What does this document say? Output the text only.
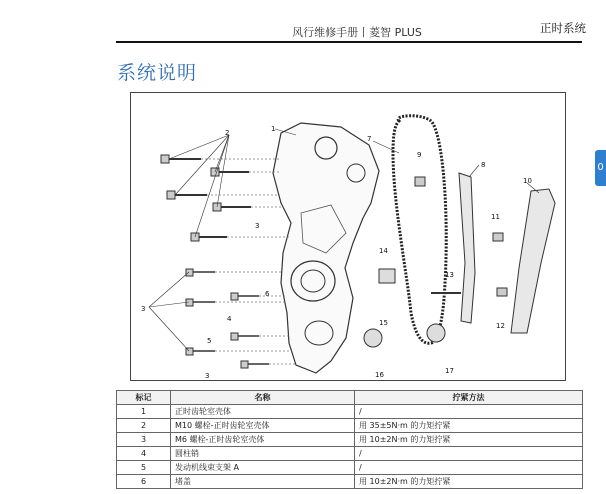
风行维修手册丨菱智 PLUS	正时系统
系统说明
0
1
2
3
3
3
4
5
6
7
8
9
10
11
12
13
14
15
16	17
标记	名称	拧紧方法
1	正时齿轮室壳体	/
2	M10 螺栓-正时齿轮室壳体	用 35±5N·m 的力矩拧紧
3	M6 螺栓-正时齿轮室壳体	用 10±2N·m 的力矩拧紧
4	圆柱销	/
5	发动机线束支架 A	/
6	堵盖	用 10±2N·m 的力矩拧紧
